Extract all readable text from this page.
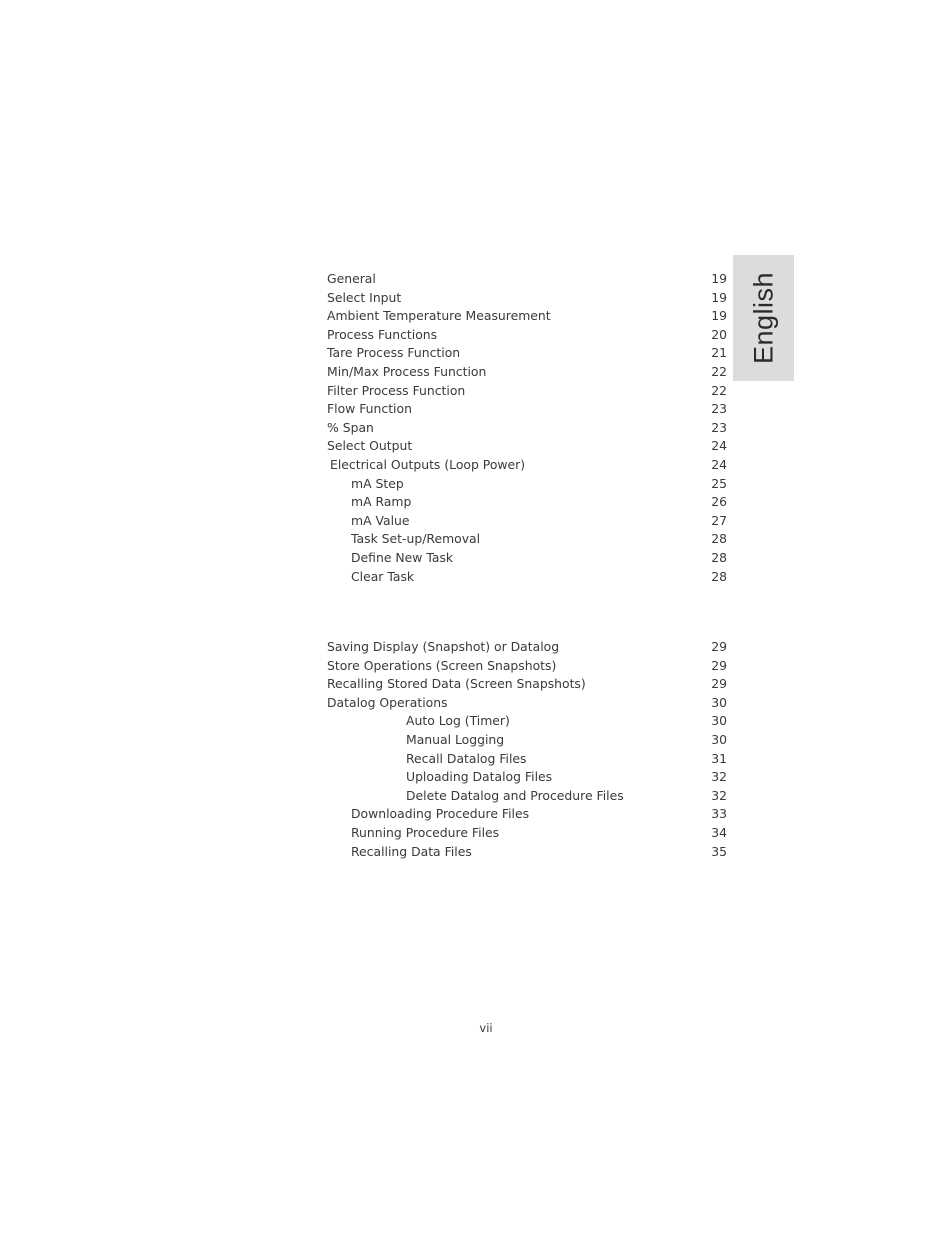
English
General	19
Select Input	19
Ambient Temperature Measurement	19
Process Functions	20
Tare Process Function	21
Min/Max Process Function	22
Filter Process Function	22
Flow Function	23
% Span	23
Select Output	24
Electrical Outputs (Loop Power)	24
mA Step	25
mA Ramp	26
mA Value	27
Task Set-up/Removal	28
Define New Task	28
Clear Task	28
Saving Display (Snapshot) or Datalog	29
Store Operations (Screen Snapshots)	29
Recalling Stored Data (Screen Snapshots)	29
Datalog Operations	30
Auto Log (Timer)	30
Manual Logging	30
Recall Datalog Files	31
Uploading Datalog Files	32
Delete Datalog and Procedure Files	32
Downloading Procedure Files	33
Running Procedure Files	34
Recalling Data Files	35
vii
